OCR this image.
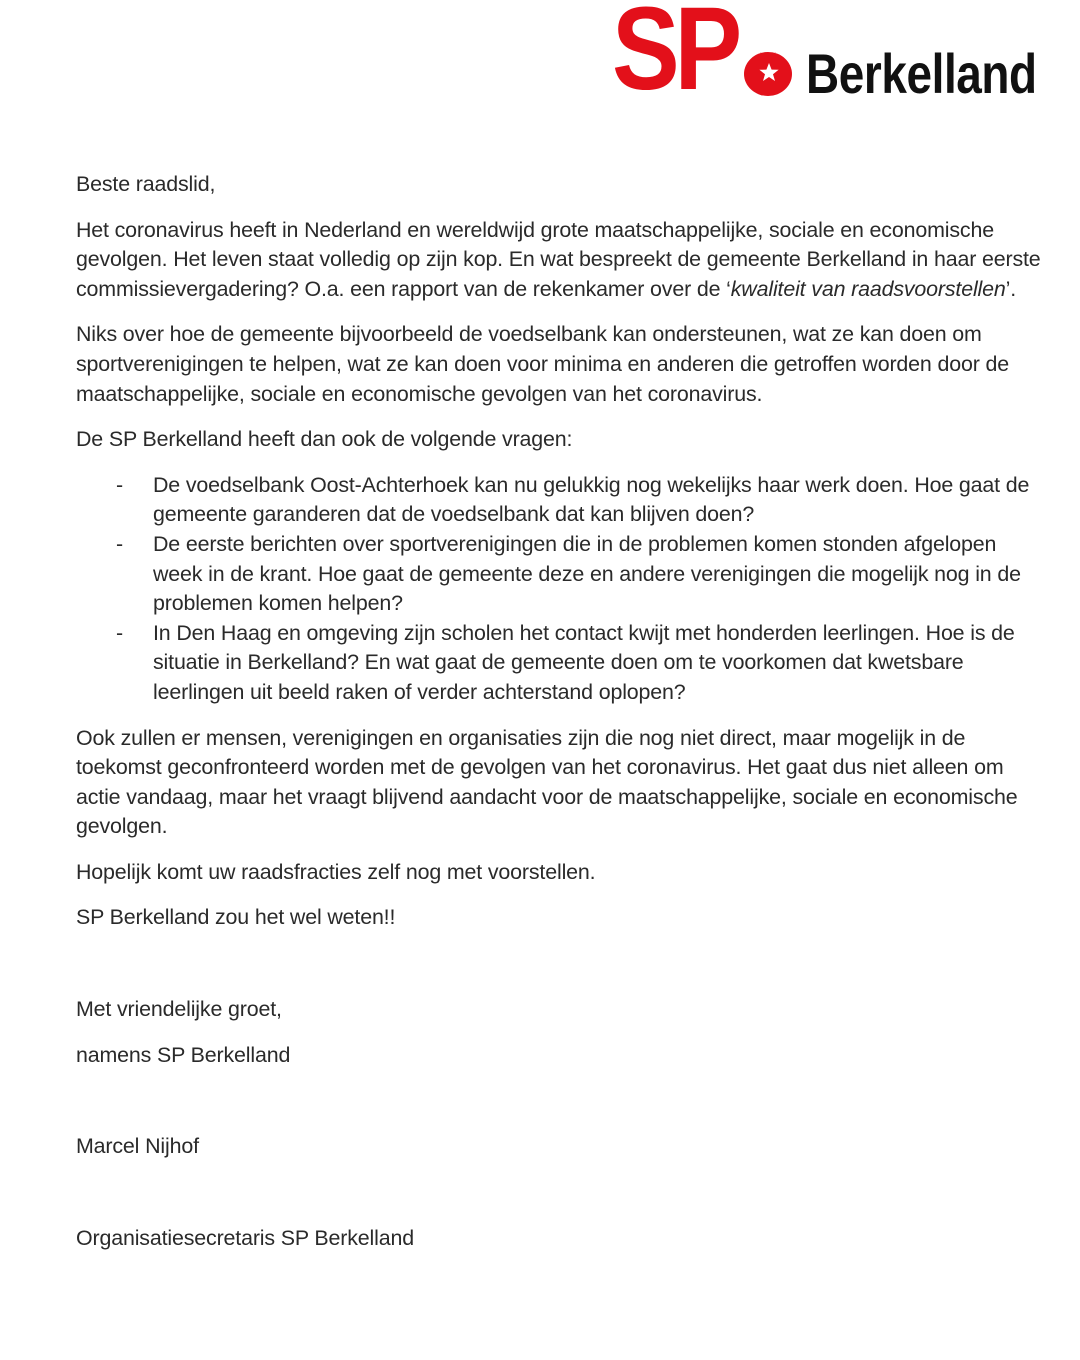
SP Berkelland

Beste raadslid,

Het coronavirus heeft in Nederland en wereldwijd grote maatschappelijke, sociale en economische gevolgen. Het leven staat volledig op zijn kop. En wat bespreekt de gemeente Berkelland in haar eerste commissievergadering? O.a. een rapport van de rekenkamer over de ‘kwaliteit van raadsvoorstellen’.

Niks over hoe de gemeente bijvoorbeeld de voedselbank kan ondersteunen, wat ze kan doen om sportverenigingen te helpen, wat ze kan doen voor minima en anderen die getroffen worden door de maatschappelijke, sociale en economische gevolgen van het coronavirus.

De SP Berkelland heeft dan ook de volgende vragen:

- De voedselbank Oost-Achterhoek kan nu gelukkig nog wekelijks haar werk doen. Hoe gaat de gemeente garanderen dat de voedselbank dat kan blijven doen?
- De eerste berichten over sportverenigingen die in de problemen komen stonden afgelopen week in de krant. Hoe gaat de gemeente deze en andere verenigingen die mogelijk nog in de problemen komen helpen?
- In Den Haag en omgeving zijn scholen het contact kwijt met honderden leerlingen. Hoe is de situatie in Berkelland? En wat gaat de gemeente doen om te voorkomen dat kwetsbare leerlingen uit beeld raken of verder achterstand oplopen?

Ook zullen er mensen, verenigingen en organisaties zijn die nog niet direct, maar mogelijk in de toekomst geconfronteerd worden met de gevolgen van het coronavirus. Het gaat dus niet alleen om actie vandaag, maar het vraagt blijvend aandacht voor de maatschappelijke, sociale en economische gevolgen.

Hopelijk komt uw raadsfracties zelf nog met voorstellen.

SP Berkelland zou het wel weten!!

Met vriendelijke groet,

namens SP Berkelland

Marcel Nijhof

Organisatiesecretaris SP Berkelland
